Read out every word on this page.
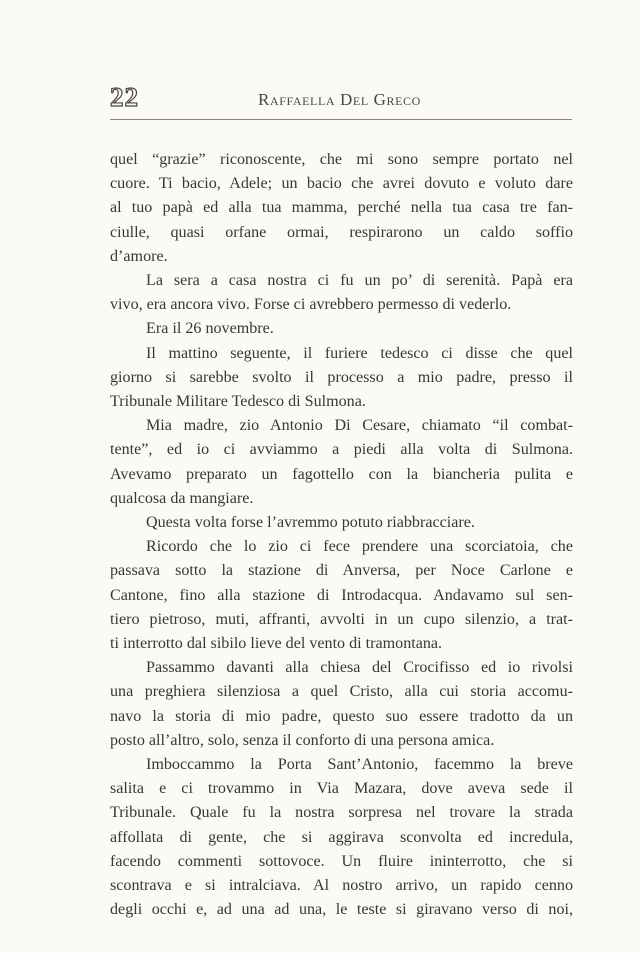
22	Raffaella Del Greco
quel “grazie” riconoscente, che mi sono sempre portato nel
cuore. Ti bacio, Adele; un bacio che avrei dovuto e voluto dare
al tuo papà ed alla tua mamma, perché nella tua casa tre fan-
ciulle, quasi orfane ormai, respirarono un caldo soffio
d’amore.
La sera a casa nostra ci fu un po’ di serenità. Papà era
vivo, era ancora vivo. Forse ci avrebbero permesso di vederlo.
Era il 26 novembre.
Il mattino seguente, il furiere tedesco ci disse che quel
giorno si sarebbe svolto il processo a mio padre, presso il
Tribunale Militare Tedesco di Sulmona.
Mia madre, zio Antonio Di Cesare, chiamato “il combat-
tente”, ed io ci avviammo a piedi alla volta di Sulmona.
Avevamo preparato un fagottello con la biancheria pulita e
qualcosa da mangiare.
Questa volta forse l’avremmo potuto riabbracciare.
Ricordo che lo zio ci fece prendere una scorciatoia, che
passava sotto la stazione di Anversa, per Noce Carlone e
Cantone, fino alla stazione di Introdacqua. Andavamo sul sen-
tiero pietroso, muti, affranti, avvolti in un cupo silenzio, a trat-
ti interrotto dal sibilo lieve del vento di tramontana.
Passammo davanti alla chiesa del Crocifisso ed io rivolsi
una preghiera silenziosa a quel Cristo, alla cui storia accomu-
navo la storia di mio padre, questo suo essere tradotto da un
posto all’altro, solo, senza il conforto di una persona amica.
Imboccammo la Porta Sant’Antonio, facemmo la breve
salita e ci trovammo in Via Mazara, dove aveva sede il
Tribunale. Quale fu la nostra sorpresa nel trovare la strada
affollata di gente, che si aggirava sconvolta ed incredula,
facendo commenti sottovoce. Un fluire ininterrotto, che si
scontrava e si intralciava. Al nostro arrivo, un rapido cenno
degli occhi e, ad una ad una, le teste si giravano verso di noi,
